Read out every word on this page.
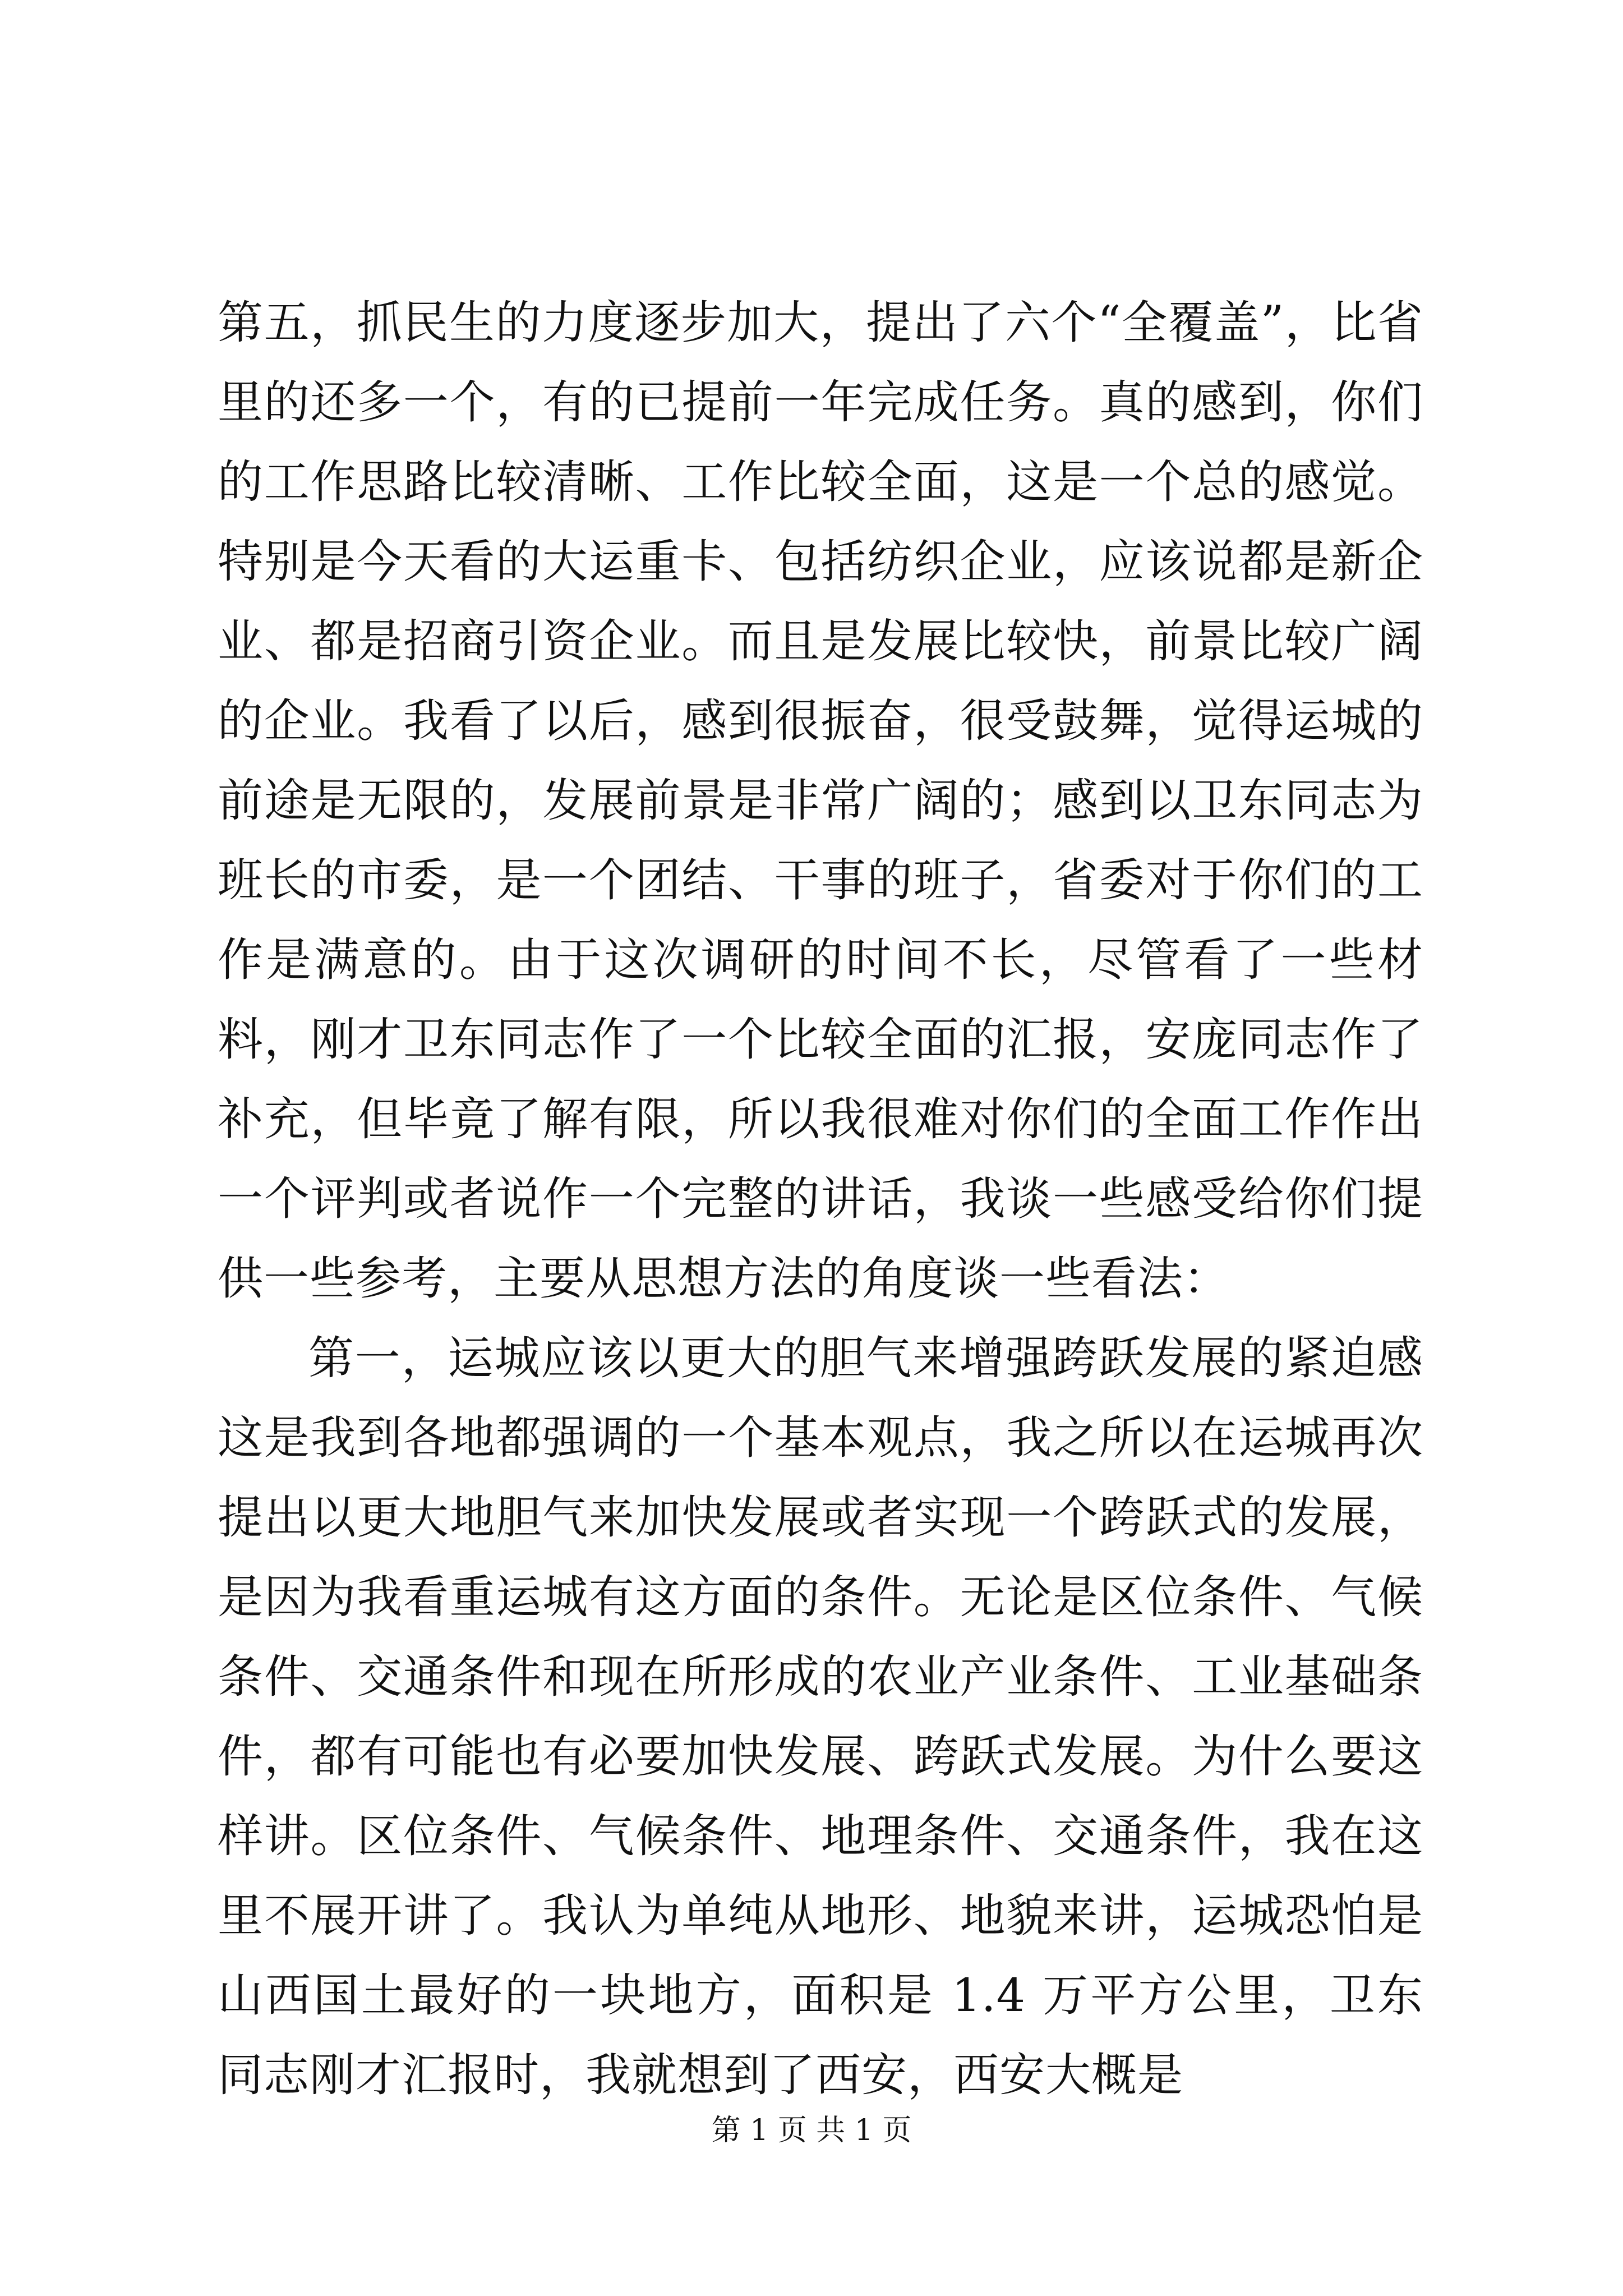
第五，抓民生的力度逐步加大，提出了六个“全覆盖”，比省里的还多一个，有的已提前一年完成任务。真的感到，你们的工作思路比较清晰、工作比较全面，这是一个总的感觉。特别是今天看的大运重卡、包括纺织企业，应该说都是新企业、都是招商引资企业。而且是发展比较快，前景比较广阔的企业。我看了以后，感到很振奋，很受鼓舞，觉得运城的前途是无限的，发展前景是非常广阔的；感到以卫东同志为班长的市委，是一个团结、干事的班子，省委对于你们的工作是满意的。由于这次调研的时间不长，尽管看了一些材料，刚才卫东同志作了一个比较全面的汇报，安庞同志作了补充，但毕竟了解有限，所以我很难对你们的全面工作作出一个评判或者说作一个完整的讲话，我谈一些感受给你们提供一些参考，主要从思想方法的角度谈一些看法：

第一，运城应该以更大的胆气来增强跨跃发展的紧迫感这是我到各地都强调的一个基本观点，我之所以在运城再次提出以更大地胆气来加快发展或者实现一个跨跃式的发展，是因为我看重运城有这方面的条件。无论是区位条件、气候条件、交通条件和现在所形成的农业产业条件、工业基础条件，都有可能也有必要加快发展、跨跃式发展。为什么要这样讲。区位条件、气候条件、地理条件、交通条件，我在这里不展开讲了。我认为单纯从地形、地貌来讲，运城恐怕是山西国土最好的一块地方，面积是 1.4 万平方公里，卫东同志刚才汇报时，我就想到了西安，西安大概是

第 1 页 共 1 页
